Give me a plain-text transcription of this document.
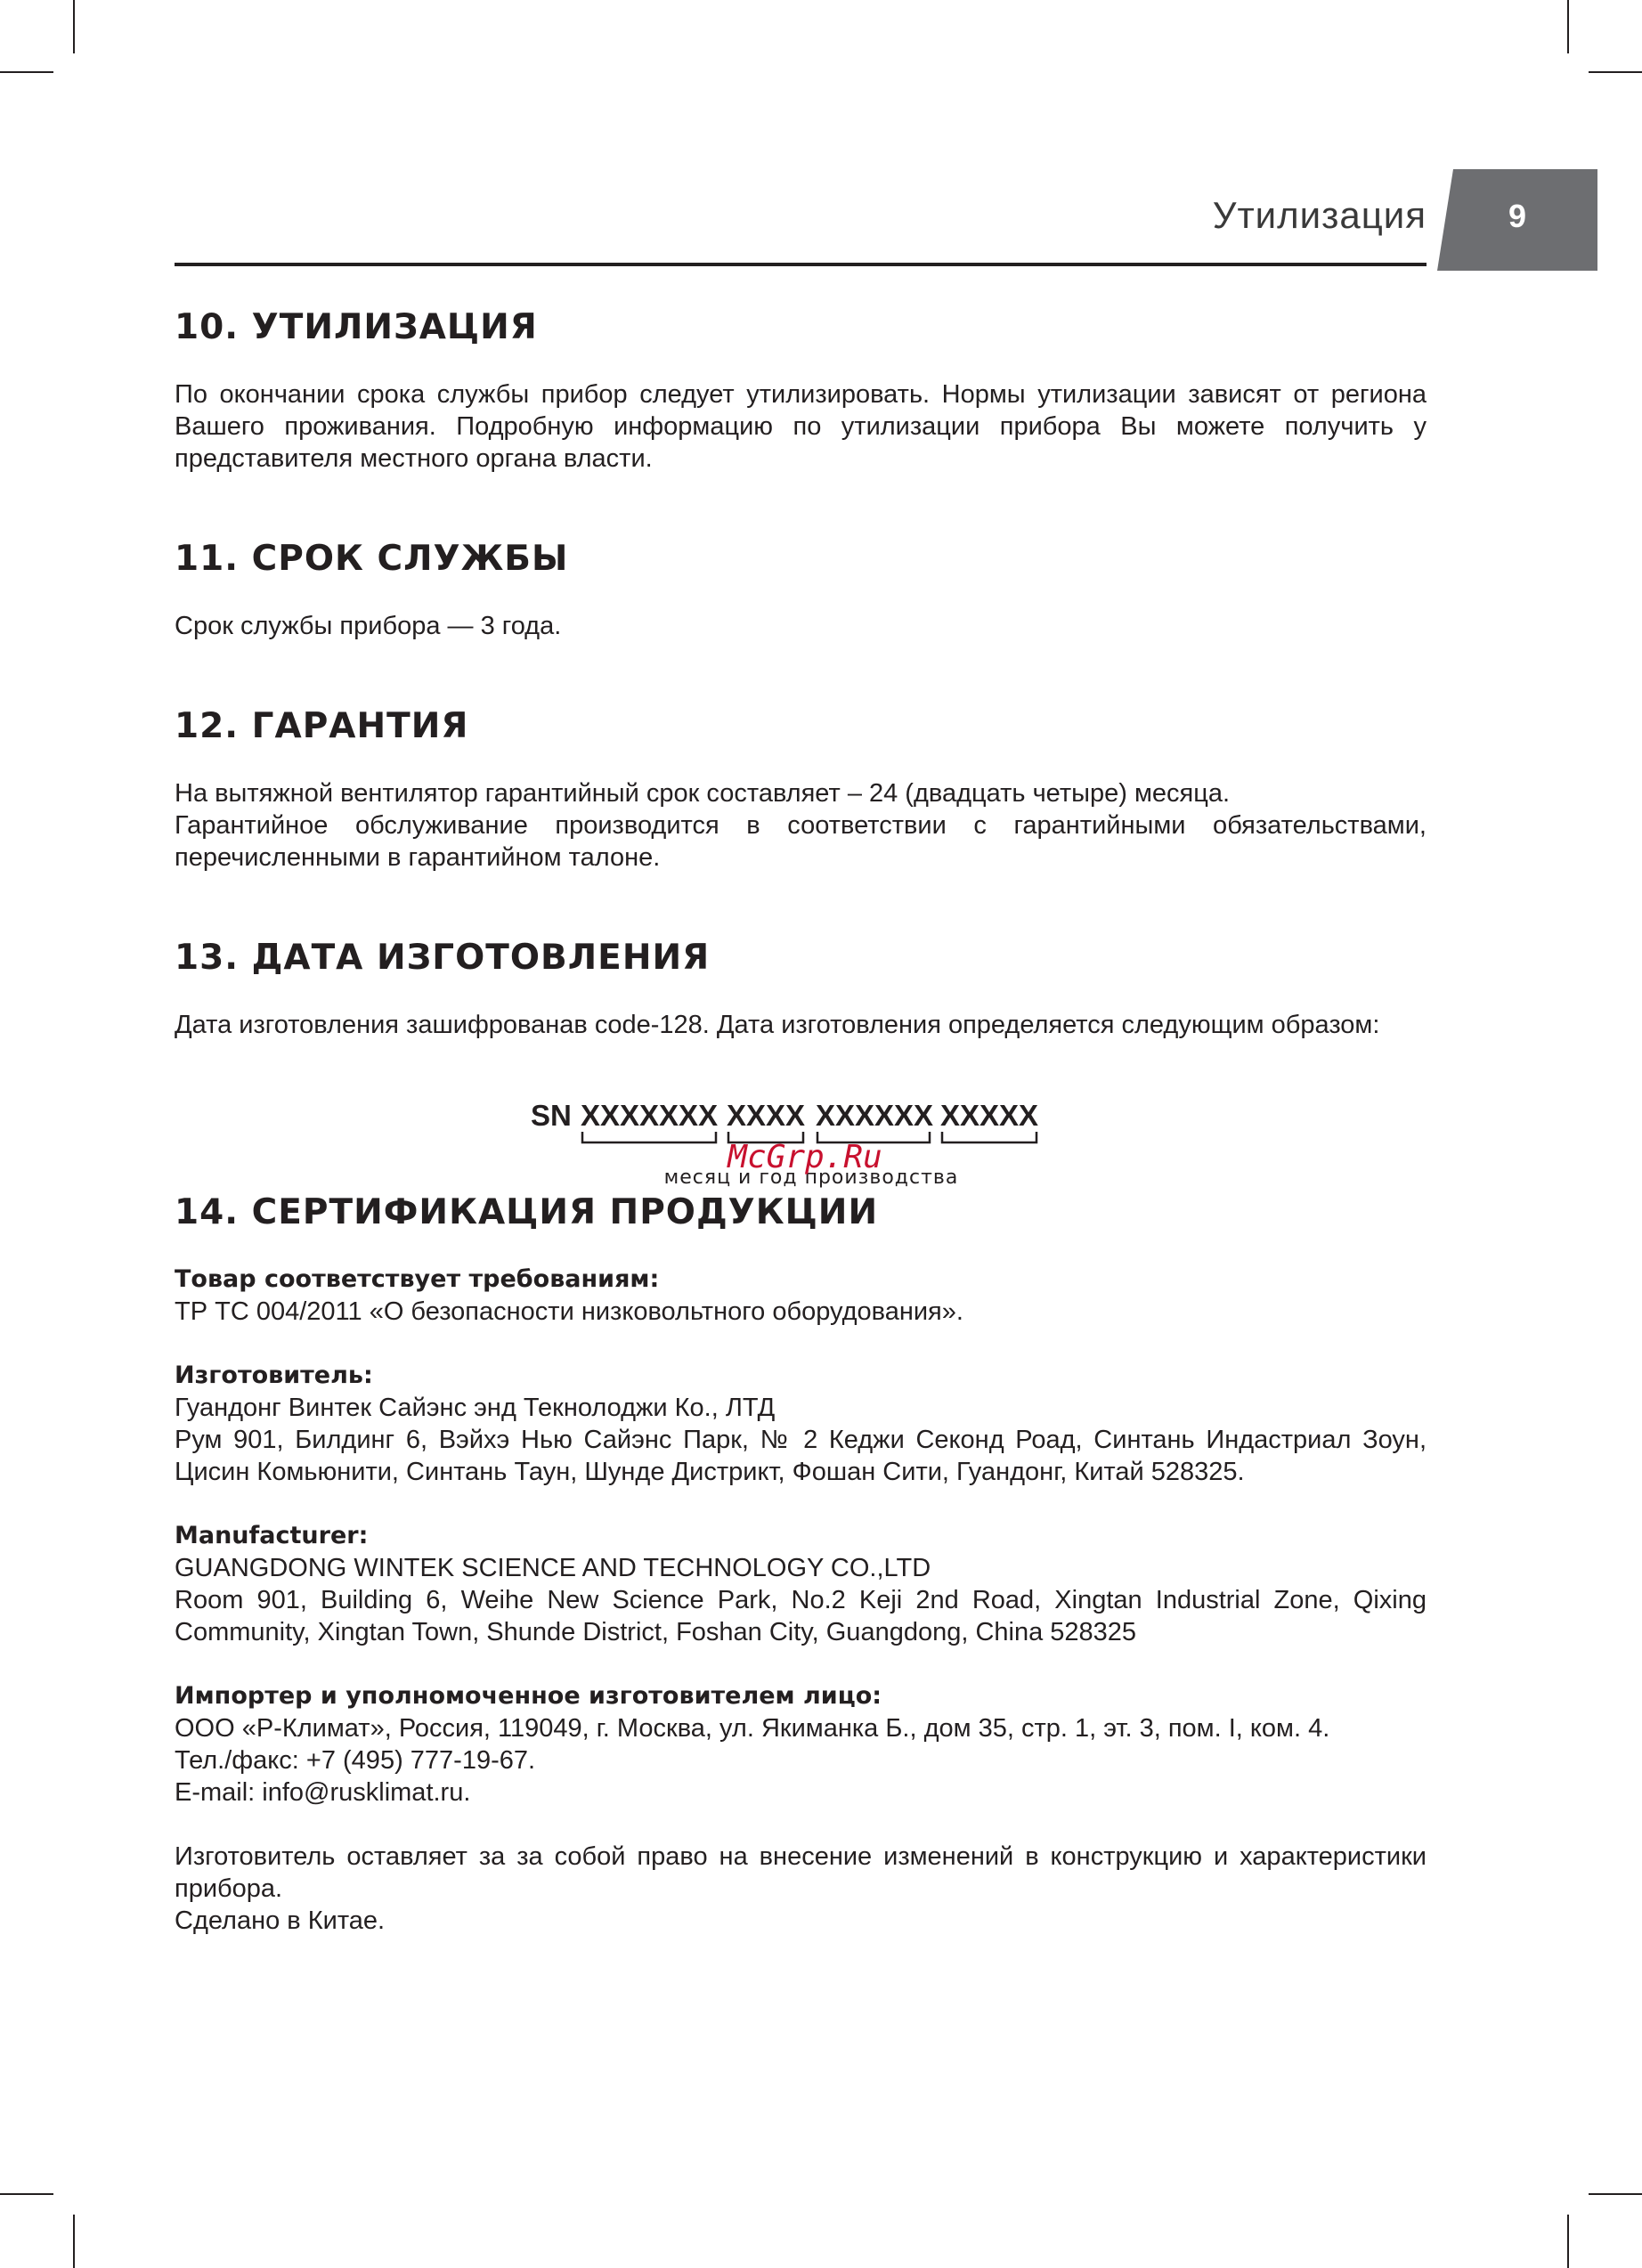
Утилизация	9
10. УТИЛИЗАЦИЯ

По окончании срока службы прибор следует утилизировать. Нормы утилизации зависят от региона Вашего проживания. Подробную информацию по утилизации прибора Вы можете получить у представителя местного органа власти.

11. СРОК СЛУЖБЫ

Срок службы прибора — 3 года.

12. ГАРАНТИЯ

На вытяжной вентилятор гарантийный срок составляет – 24 (двадцать четыре) месяца.

Гарантийное обслуживание производится в соответствии с гарантийными обязательствами, перечисленными в гарантийном талоне.

13. ДАТА ИЗГОТОВЛЕНИЯ

Дата изготовления зашифрованав code-128. Дата изготовления определяется следующим образом:

SN XXXXXXX XXXX XXXXXX XXXXX
месяц и год производства
McGrp.Ru
14. СЕРТИФИКАЦИЯ ПРОДУКЦИИ

Товар соответствует требованиям:

ТР ТС 004/2011 «О безопасности низковольтного оборудования».

Изготовитель:

Гуандонг Винтек Сайэнс энд Текнолоджи Ко., ЛТД

Рум 901, Билдинг 6, Вэйхэ Нью Сайэнс Парк, № 2 Кеджи Секонд Роад, Синтань Индастриал Зоун, Цисин Комьюнити, Синтань Таун, Шунде Дистрикт, Фошан Сити, Гуандонг, Китай 528325.

Manufacturer:

GUANGDONG WINTEK SCIENCE AND TECHNOLOGY CO.,LTD

Room 901, Building 6, Weihe New Science Park, No.2 Keji 2nd Road, Xingtan Industrial Zone, Qixing Community, Xingtan Town, Shunde District, Foshan City, Guangdong, China 528325

Импортер и уполномоченное изготовителем лицо:

ООО «Р-Климат», Россия, 119049, г. Москва, ул. Якиманка Б., дом 35, стр. 1, эт. 3, пом. I, ком. 4.

Тел./факс: +7 (495) 777-19-67.

E-mail: info@rusklimat.ru.

Изготовитель оставляет за за собой право на внесение изменений в конструкцию и характеристики прибора.

Сделано в Китае.
